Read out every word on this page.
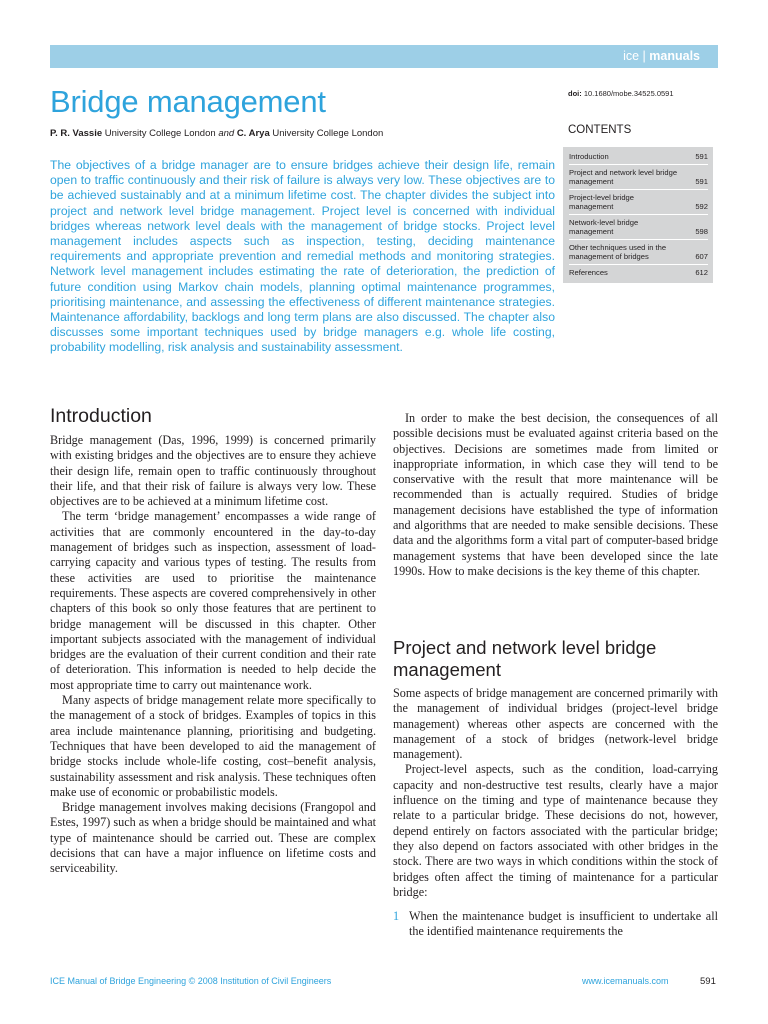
ice | manuals
Bridge management
P. R. Vassie University College London and C. Arya University College London

The objectives of a bridge manager are to ensure bridges achieve their design life, remain open to traffic continuously and their risk of failure is always very low. These objectives are to be achieved sustainably and at a minimum lifetime cost. The chapter divides the subject into project and network level bridge management. Project level is concerned with individual bridges whereas network level deals with the management of bridge stocks. Project level management includes aspects such as inspection, testing, deciding maintenance requirements and appropriate prevention and remedial methods and monitoring strategies. Network level management includes estimating the rate of deterioration, the prediction of future condition using Markov chain models, planning optimal maintenance programmes, prioritising maintenance, and assessing the effectiveness of different maintenance strategies. Maintenance affordability, backlogs and long term plans are also discussed. The chapter also discusses some important techniques used by bridge managers e.g. whole life costing, probability modelling, risk analysis and sustainability assessment.

doi: 10.1680/mobe.34525.0591
CONTENTS
Introduction	591
Project and network level bridge management	591
Project-level bridge management	592
Network-level bridge management	598
Other techniques used in the management of bridges	607
References	612
Introduction

Bridge management (Das, 1996, 1999) is concerned primarily with existing bridges and the objectives are to ensure they achieve their design life, remain open to traffic continuously throughout their life, and that their risk of failure is always very low. These objectives are to be achieved at a minimum lifetime cost.

The term ‘bridge management’ encompasses a wide range of activities that are commonly encountered in the day-to-day management of bridges such as inspection, assessment of load-carrying capacity and various types of testing. The results from these activities are used to prioritise the maintenance requirements. These aspects are covered comprehensively in other chapters of this book so only those features that are pertinent to bridge management will be discussed in this chapter. Other important subjects associated with the management of individual bridges are the evaluation of their current condition and their rate of deterioration. This information is needed to help decide the most appropriate time to carry out maintenance work.

Many aspects of bridge management relate more specifically to the management of a stock of bridges. Examples of topics in this area include maintenance planning, prioritising and budgeting. Techniques that have been developed to aid the management of bridge stocks include whole-life costing, cost–benefit analysis, sustainability assessment and risk analysis. These techniques often make use of economic or probabilistic models.

Bridge management involves making decisions (Frangopol and Estes, 1997) such as when a bridge should be maintained and what type of maintenance should be carried out. These are complex decisions that can have a major influence on lifetime costs and serviceability.

In order to make the best decision, the consequences of all possible decisions must be evaluated against criteria based on the objectives. Decisions are sometimes made from limited or inappropriate information, in which case they will tend to be conservative with the result that more maintenance will be recommended than is actually required. Studies of bridge management decisions have established the type of information and algorithms that are needed to make sensible decisions. These data and the algorithms form a vital part of computer-based bridge management systems that have been developed since the late 1990s. How to make decisions is the key theme of this chapter.

Project and network level bridge management

Some aspects of bridge management are concerned primarily with the management of individual bridges (project-level bridge management) whereas other aspects are concerned with the management of a stock of bridges (network-level bridge management).

Project-level aspects, such as the condition, load-carrying capacity and non-destructive test results, clearly have a major influence on the timing and type of maintenance because they relate to a particular bridge. These decisions do not, however, depend entirely on factors associated with the particular bridge; they also depend on factors associated with other bridges in the stock. There are two ways in which conditions within the stock of bridges often affect the timing of maintenance for a particular bridge:

1 When the maintenance budget is insufficient to undertake all the identified maintenance requirements the
ICE Manual of Bridge Engineering © 2008 Institution of Civil Engineers	www.icemanuals.com	591
